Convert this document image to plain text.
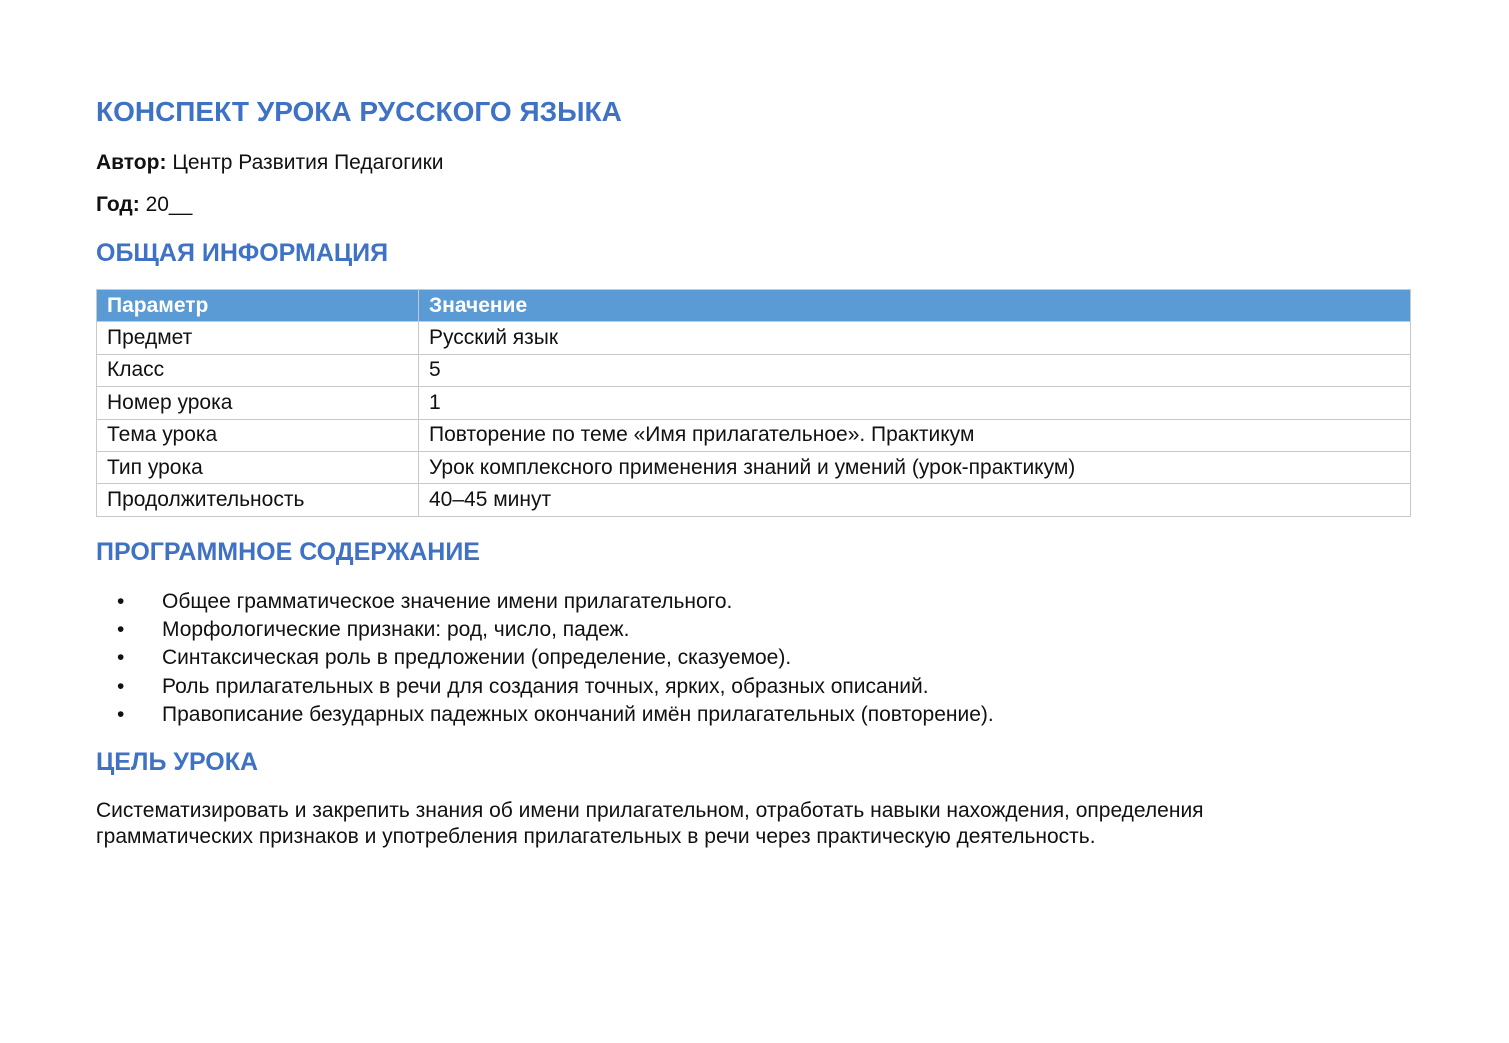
КОНСПЕКТ УРОКА РУССКОГО ЯЗЫКА

Автор: Центр Развития Педагогики

Год: 20__

ОБЩАЯ ИНФОРМАЦИЯ
Параметр	Значение
Предмет	Русский язык
Класс	5
Номер урока	1
Тема урока	Повторение по теме «Имя прилагательное». Практикум
Тип урока	Урок комплексного применения знаний и умений (урок-практикум)
Продолжительность	40–45 минут
ПРОГРАММНОЕ СОДЕРЖАНИЕ
• Общее грамматическое значение имени прилагательного.
• Морфологические признаки: род, число, падеж.
• Синтаксическая роль в предложении (определение, сказуемое).
• Роль прилагательных в речи для создания точных, ярких, образных описаний.
• Правописание безударных падежных окончаний имён прилагательных (повторение).
ЦЕЛЬ УРОКА

Систематизировать и закрепить знания об имени прилагательном, отработать навыки нахождения, определения грамматических признаков и употребления прилагательных в речи через практическую деятельность.
